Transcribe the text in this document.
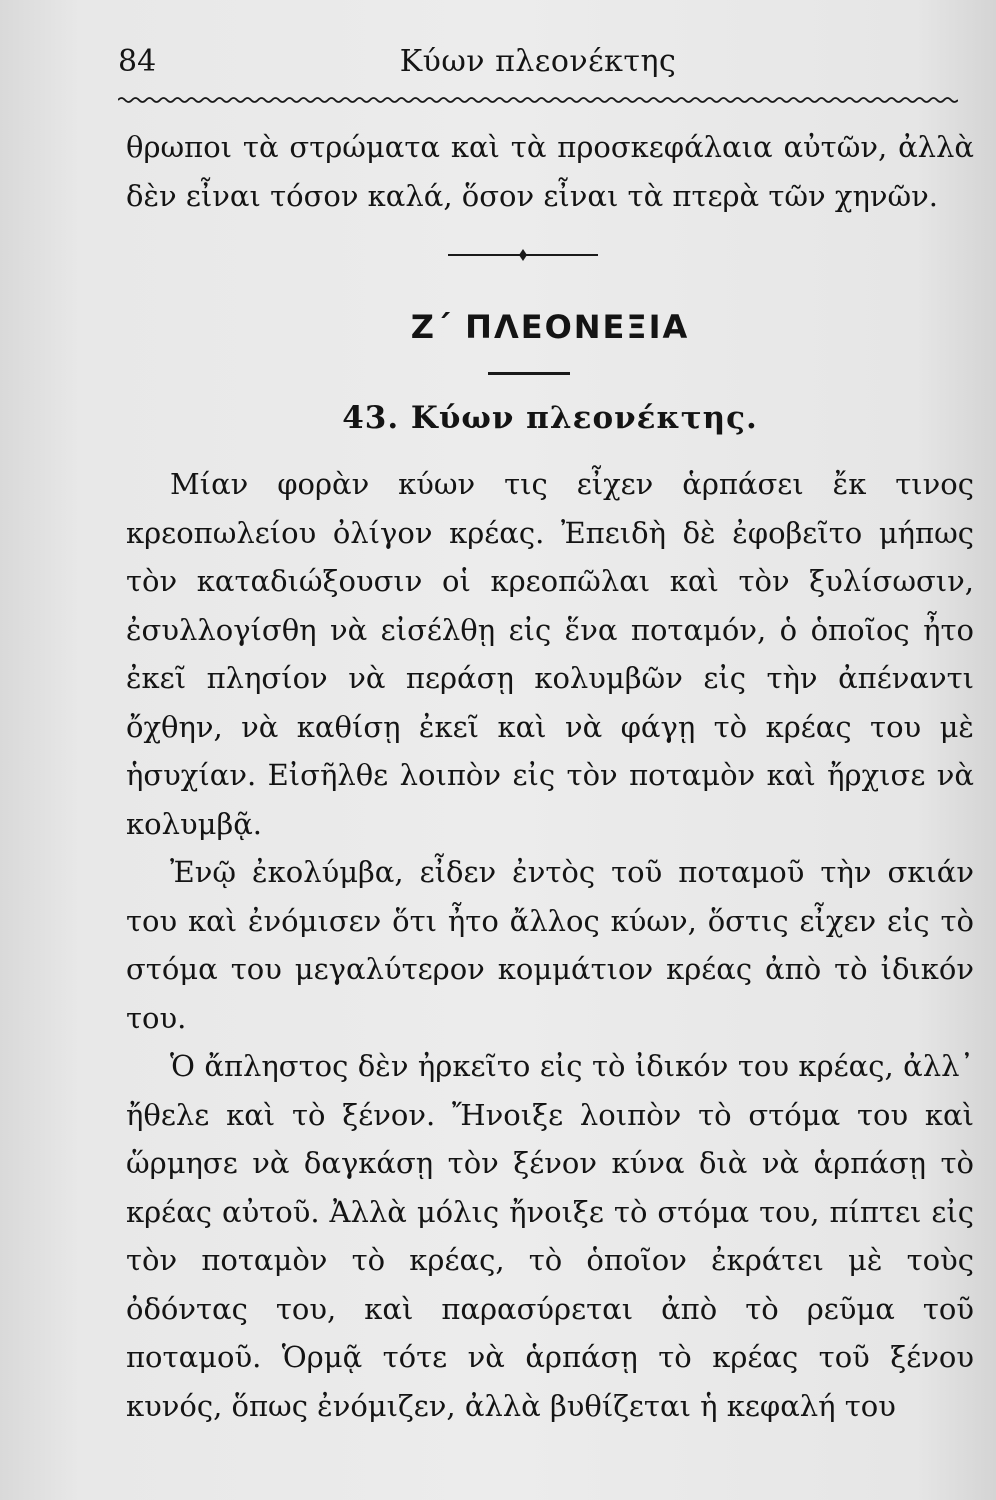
84	Κύων πλεονέκτης

θρωποι τὰ στρώματα καὶ τὰ προσκεφάλαια αὐτῶν, ἀλλὰ δὲν εἶναι τόσον καλά, ὅσον εἶναι τὰ πτερὰ τῶν χηνῶν.

Ζ΄ ΠΛΕΟΝΕΞΙΑ
43. Κύων πλεονέκτης.

Μίαν φορὰν κύων τις εἶχεν ἁρπάσει ἔκ τινος κρεοπωλείου ὀλίγον κρέας. Ἐπειδὴ δὲ ἐφοβεῖτο μήπως τὸν καταδιώξουσιν οἱ κρεοπῶλαι καὶ τὸν ξυλίσωσιν, ἐσυλλογίσθη νὰ εἰσέλθῃ εἰς ἕνα ποταμόν, ὁ ὁποῖος ἦτο ἐκεῖ πλησίον νὰ περάσῃ κολυμβῶν εἰς τὴν ἀπέναντι ὄχθην, νὰ καθίσῃ ἐκεῖ καὶ νὰ φάγῃ τὸ κρέας του μὲ ἡσυχίαν. Εἰσῆλθε λοιπὸν εἰς τὸν ποταμὸν καὶ ἤρχισε νὰ κολυμβᾷ.

Ἐνῷ ἐκολύμβα, εἶδεν ἐντὸς τοῦ ποταμοῦ τὴν σκιάν του καὶ ἐνόμισεν ὅτι ἦτο ἄλλος κύων, ὅστις εἶχεν εἰς τὸ στόμα του μεγαλύτερον κομμάτιον κρέας ἀπὸ τὸ ἰδικόν του.

Ὁ ἄπληστος δὲν ἠρκεῖτο εἰς τὸ ἰδικόν του κρέας, ἀλλ᾽ ἤθελε καὶ τὸ ξένον. Ἤνοιξε λοιπὸν τὸ στόμα του καὶ ὥρμησε νὰ δαγκάσῃ τὸν ξένον κύνα διὰ νὰ ἁρπάσῃ τὸ κρέας αὐτοῦ. Ἀλλὰ μόλις ἤνοιξε τὸ στόμα του, πίπτει εἰς τὸν ποταμὸν τὸ κρέας, τὸ ὁποῖον ἐκράτει μὲ τοὺς ὀδόντας του, καὶ παρασύρεται ἀπὸ τὸ ρεῦμα τοῦ ποταμοῦ. Ὁρμᾷ τότε νὰ ἁρπάσῃ τὸ κρέας τοῦ ξένου κυνός, ὅπως ἐνόμιζεν, ἀλλὰ βυθίζεται ἡ κεφαλή του
